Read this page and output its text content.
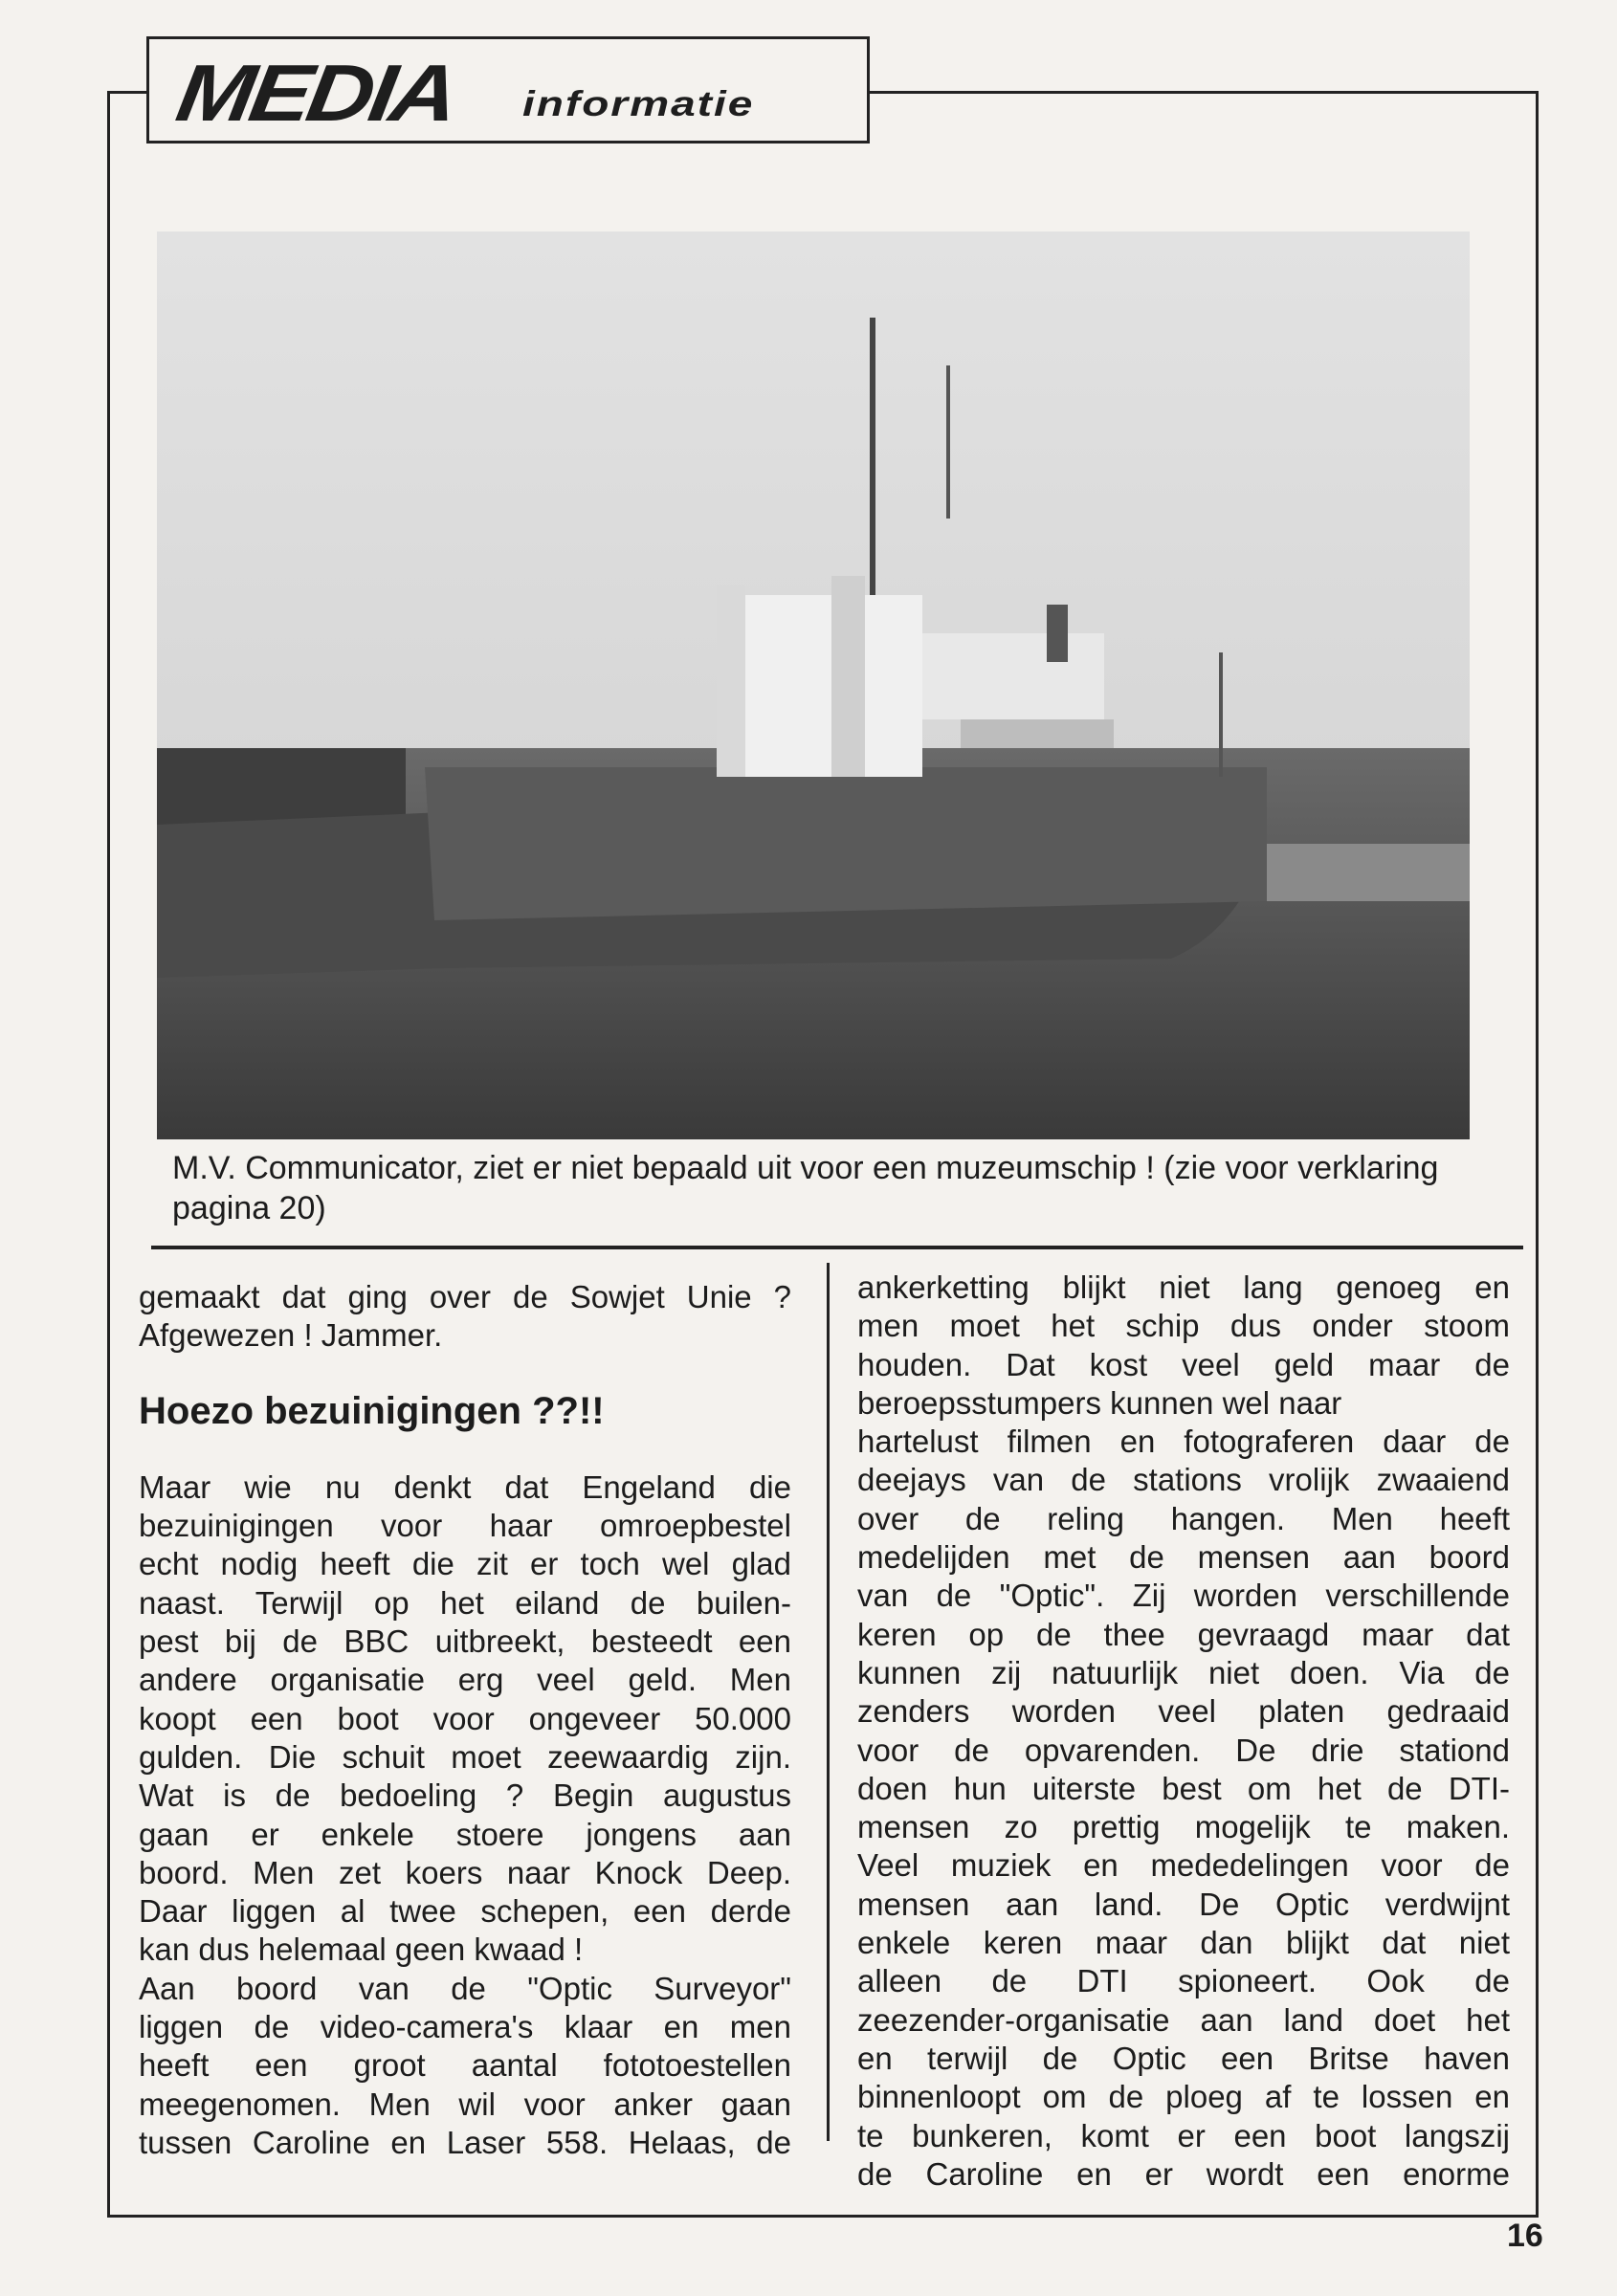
MEDIA informatie
M.V. Communicator, ziet er niet bepaald uit voor een muzeumschip ! (zie voor verklaring pagina 20)
gemaakt dat ging over de Sowjet Unie ?
Afgewezen ! Jammer.
Hoezo bezuinigingen ??!!
Maar wie nu denkt dat Engeland die
bezuinigingen voor haar omroepbestel
echt nodig heeft die zit er toch wel glad
naast. Terwijl op het eiland de builen-
pest bij de BBC uitbreekt, besteedt een
andere organisatie erg veel geld. Men
koopt een boot voor ongeveer 50.000
gulden. Die schuit moet zeewaardig zijn.
Wat is de bedoeling ? Begin augustus
gaan er enkele stoere jongens aan
boord. Men zet koers naar Knock Deep.
Daar liggen al twee schepen, een derde
kan dus helemaal geen kwaad !
Aan boord van de "Optic Surveyor"
liggen de video-camera's klaar en men
heeft een groot aantal fototoestellen
meegenomen. Men wil voor anker gaan
tussen Caroline en Laser 558. Helaas, de
ankerketting blijkt niet lang genoeg en
men moet het schip dus onder stoom
houden. Dat kost veel geld maar de
beroepsstumpers kunnen wel naar
hartelust filmen en fotograferen daar de
deejays van de stations vrolijk zwaaiend
over de reling hangen. Men heeft
medelijden met de mensen aan boord
van de "Optic". Zij worden verschillende
keren op de thee gevraagd maar dat
kunnen zij natuurlijk niet doen. Via de
zenders worden veel platen gedraaid
voor de opvarenden. De drie stationd
doen hun uiterste best om het de DTI-
mensen zo prettig mogelijk te maken.
Veel muziek en mededelingen voor de
mensen aan land. De Optic verdwijnt
enkele keren maar dan blijkt dat niet
alleen de DTI spioneert. Ook de
zeezender-organisatie aan land doet het
en terwijl de Optic een Britse haven
binnenloopt om de ploeg af te lossen en
te bunkeren, komt er een boot langszij
de Caroline en er wordt een enorme
16
